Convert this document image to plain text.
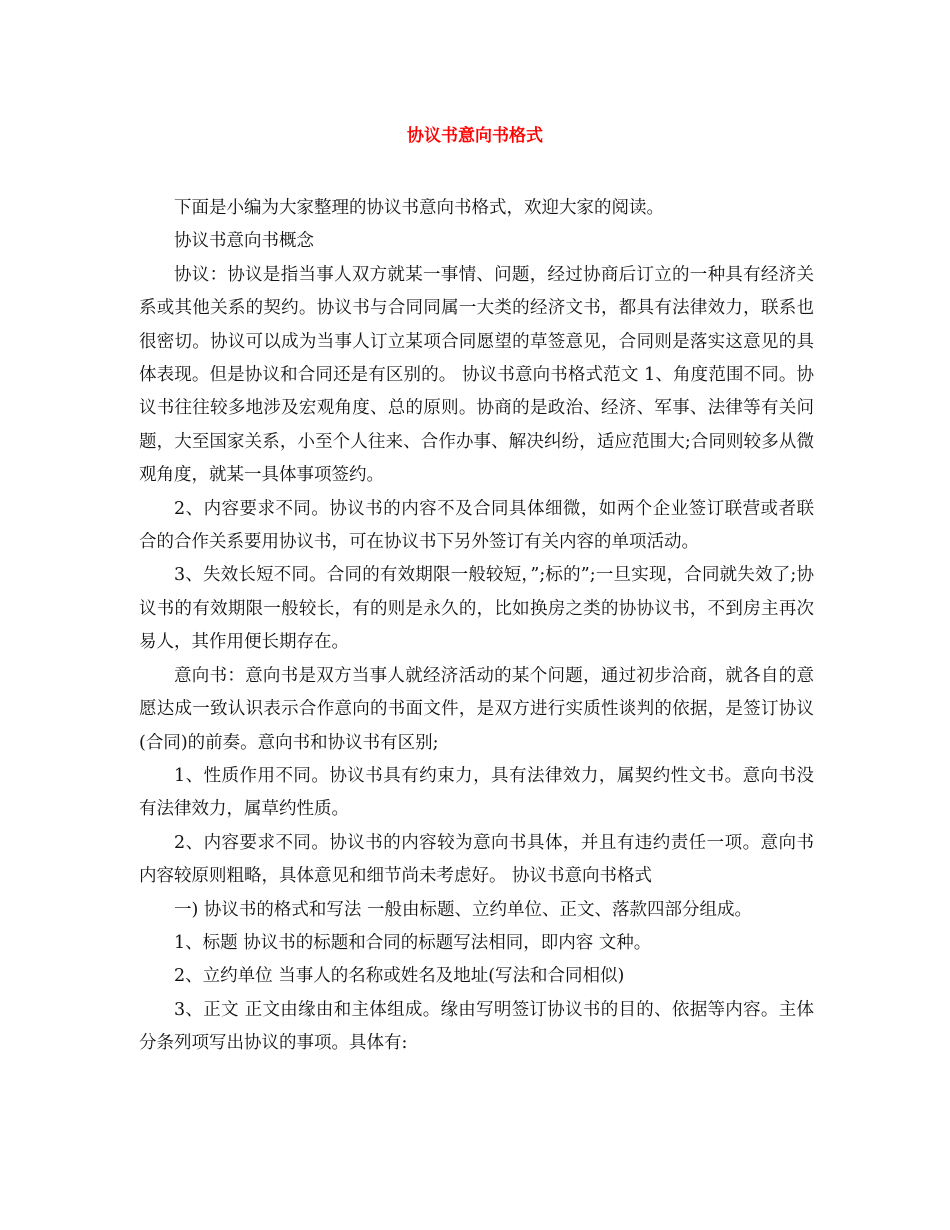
协议书意向书格式

下面是小编为大家整理的协议书意向书格式，欢迎大家的阅读。

协议书意向书概念

协议：协议是指当事人双方就某一事情、问题，经过协商后订立的一种具有经济关系或其他关系的契约。协议书与合同同属一大类的经济文书，都具有法律效力，联系也很密切。协议可以成为当事人订立某项合同愿望的草签意见，合同则是落实这意见的具体表现。但是协议和合同还是有区别的。 协议书意向书格式范文 1、角度范围不同。协议书往往较多地涉及宏观角度、总的原则。协商的是政治、经济、军事、法律等有关问题，大至国家关系，小至个人往来、合作办事、解决纠纷，适应范围大;合同则较多从微观角度，就某一具体事项签约。

2、内容要求不同。协议书的内容不及合同具体细微，如两个企业签订联营或者联合的合作关系要用协议书，可在协议书下另外签订有关内容的单项活动。

3、失效长短不同。合同的有效期限一般较短，”;标的”;一旦实现，合同就失效了;协议书的有效期限一般较长，有的则是永久的，比如换房之类的协协议书，不到房主再次易人，其作用便长期存在。

意向书：意向书是双方当事人就经济活动的某个问题，通过初步洽商，就各自的意愿达成一致认识表示合作意向的书面文件，是双方进行实质性谈判的依据，是签订协议(合同)的前奏。意向书和协议书有区别;

1、性质作用不同。协议书具有约束力，具有法律效力，属契约性文书。意向书没有法律效力，属草约性质。

2、内容要求不同。协议书的内容较为意向书具体，并且有违约责任一项。意向书内容较原则粗略，具体意见和细节尚未考虑好。 协议书意向书格式

一) 协议书的格式和写法 一般由标题、立约单位、正文、落款四部分组成。

1、标题 协议书的标题和合同的标题写法相同，即内容 文种。

2、立约单位 当事人的名称或姓名及地址(写法和合同相似)

3、正文 正文由缘由和主体组成。缘由写明签订协议书的目的、依据等内容。主体分条列项写出协议的事项。具体有:
